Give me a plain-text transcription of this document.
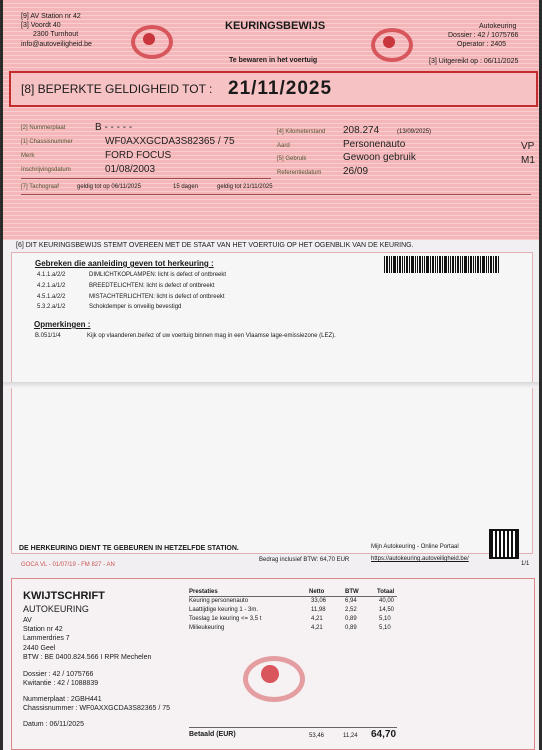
[9] AV Station nr 42
[3] Voordt 40
2300 Turnhout
info@autoveiligheid.be
KEURINGSBEWIJS
Te bewaren in het voertuig
Autokeuring
Dossier : 42 / 1075766
Operator : 2405
[3] Uitgereikt op : 06/11/2025
[8] BEPERKTE GELDIGHEID TOT : 21/11/2025
[2] Nummerplaat	B - - - - -
[1] Chassisnummer	WF0AXXGCDA3S82365 / 75
Merk	FORD FOCUS
Inschrijvingsdatum	01/08/2003
[4] Kilometerstand 208.274	(13/09/2025)
Aard	Personenauto	VP
[5] Gebruik	Gewoon gebruik	M1
Referentiedatum 26/09
[7] Tachograaf	geldig tot op 06/11/2025	15 dagen	geldig tot 21/11/2025
[6] DIT KEURINGSBEWIJS STEMT OVEREEN MET DE STAAT VAN HET VOERTUIG OP HET OGENBLIK VAN DE KEURING.
Gebreken die aanleiding geven tot herkeuring :
4.1.1.a/2/2	DIMLICHTKOPLAMPEN: licht is defect of ontbreekt
4.2.1.a/1/2	BREEDTELICHTEN: licht is defect of ontbreekt
4.5.1.a/2/2	MISTACHTERLICHTEN: licht is defect of ontbreekt
5.3.2.a/1/2	Schokdemper is onveilig bevestigd
Opmerkingen :
B.051/1/4	Kijk op vlaanderen.be/lez of uw voertuig binnen mag in een Vlaamse lage-emissiezone (LEZ).
DE HERKEURING DIENT TE GEBEUREN IN HETZELFDE STATION.
Bedrag inclusief BTW: 64,70 EUR
Mijn Autokeuring - Online Portaal
https://autokeuring.autoveiligheid.be/
1/1
GOCA VL - 01/07/19 - FM 827 - AN
KWIJTSCHRIFT
AUTOKEURING
AV
Station nr 42
Lammerdries 7
2440 Geel
BTW : BE 0400.824.566 I RPR Mechelen
Dossier : 42 / 1075766
Kwitantie : 42 / 1088839
Nummerplaat : 2GBH441
Chassisnummer : WF0AXXGCDA3S82365 / 75
Datum : 06/11/2025
Prestaties	Netto	BTW	Totaal
Keuring personenauto	33,06	6,94	40,00
Laattijdige keuring 1 - 3m.	11,98	2,52	14,50
Toeslag 1e keuring <= 3,5 t	4,21	0,89	5,10
Milieukeuring	4,21	0,89	5,10
Betaald (EUR)	53,46	11,24 64,70
